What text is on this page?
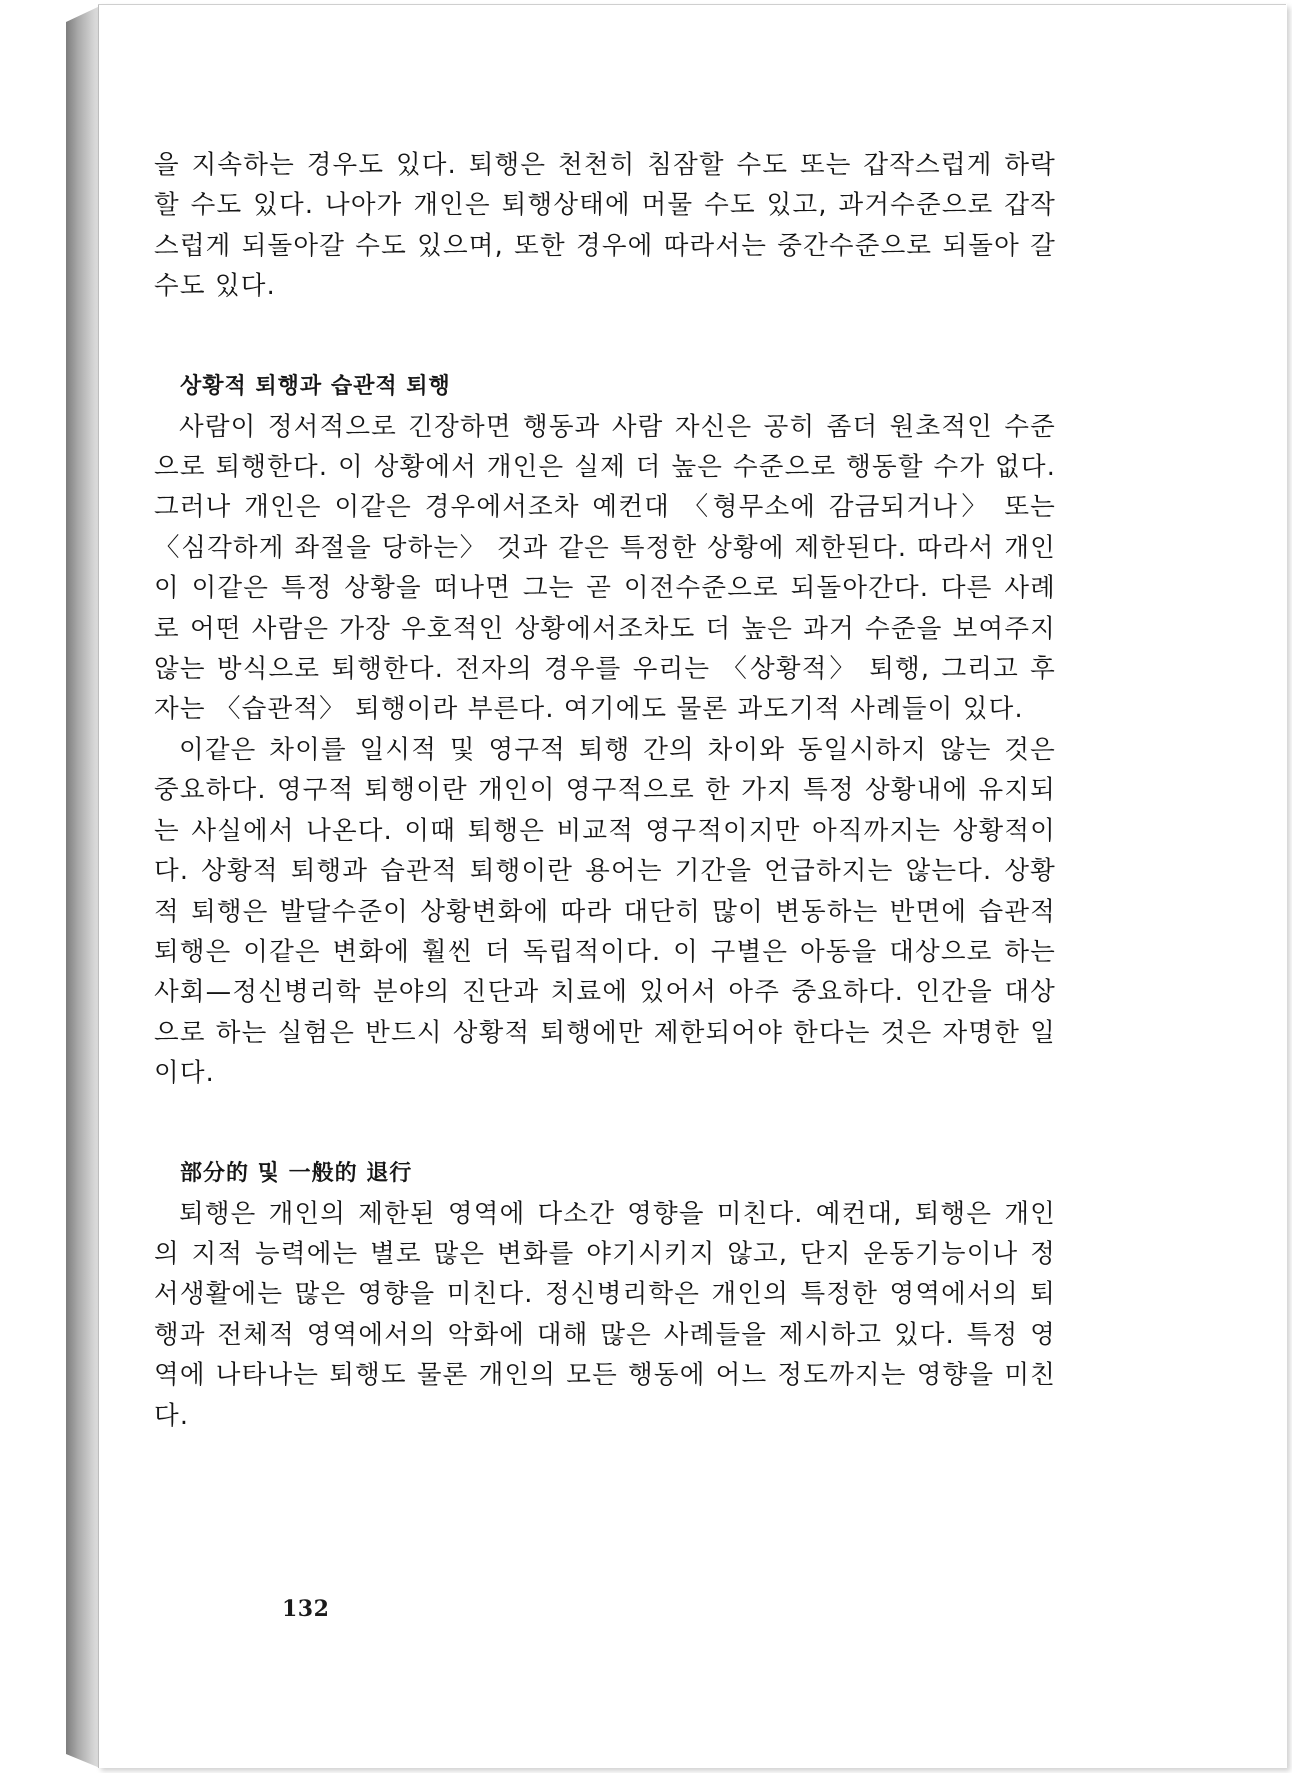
을 지속하는 경우도 있다. 퇴행은 천천히 침잠할 수도 또는 갑작스럽게 하락할 수도 있다. 나아가 개인은 퇴행상태에 머물 수도 있고, 과거수준으로 갑작스럽게 되돌아갈 수도 있으며, 또한 경우에 따라서는 중간수준으로 되돌아 갈 수도 있다.

상황적 퇴행과 습관적 퇴행

사람이 정서적으로 긴장하면 행동과 사람 자신은 공히 좀더 원초적인 수준으로 퇴행한다. 이 상황에서 개인은 실제 더 높은 수준으로 행동할 수가 없다. 그러나 개인은 이같은 경우에서조차 예컨대 〈형무소에 감금되거나〉 또는 〈심각하게 좌절을 당하는〉 것과 같은 특정한 상황에 제한된다. 따라서 개인이 이같은 특정 상황을 떠나면 그는 곧 이전수준으로 되돌아간다. 다른 사례로 어떤 사람은 가장 우호적인 상황에서조차도 더 높은 과거 수준을 보여주지 않는 방식으로 퇴행한다. 전자의 경우를 우리는 〈상황적〉 퇴행, 그리고 후자는 〈습관적〉 퇴행이라 부른다. 여기에도 물론 과도기적 사례들이 있다.

이같은 차이를 일시적 및 영구적 퇴행 간의 차이와 동일시하지 않는 것은 중요하다. 영구적 퇴행이란 개인이 영구적으로 한 가지 특정 상황내에 유지되는 사실에서 나온다. 이때 퇴행은 비교적 영구적이지만 아직까지는 상황적이다. 상황적 퇴행과 습관적 퇴행이란 용어는 기간을 언급하지는 않는다. 상황적 퇴행은 발달수준이 상황변화에 따라 대단히 많이 변동하는 반면에 습관적 퇴행은 이같은 변화에 훨씬 더 독립적이다. 이 구별은 아동을 대상으로 하는 사회—정신병리학 분야의 진단과 치료에 있어서 아주 중요하다. 인간을 대상으로 하는 실험은 반드시 상황적 퇴행에만 제한되어야 한다는 것은 자명한 일이다.

部分的 및 一般的 退行

퇴행은 개인의 제한된 영역에 다소간 영향을 미친다. 예컨대, 퇴행은 개인의 지적 능력에는 별로 많은 변화를 야기시키지 않고, 단지 운동기능이나 정서생활에는 많은 영향을 미친다. 정신병리학은 개인의 특정한 영역에서의 퇴행과 전체적 영역에서의 악화에 대해 많은 사례들을 제시하고 있다. 특정 영역에 나타나는 퇴행도 물론 개인의 모든 행동에 어느 정도까지는 영향을 미친다.

132
